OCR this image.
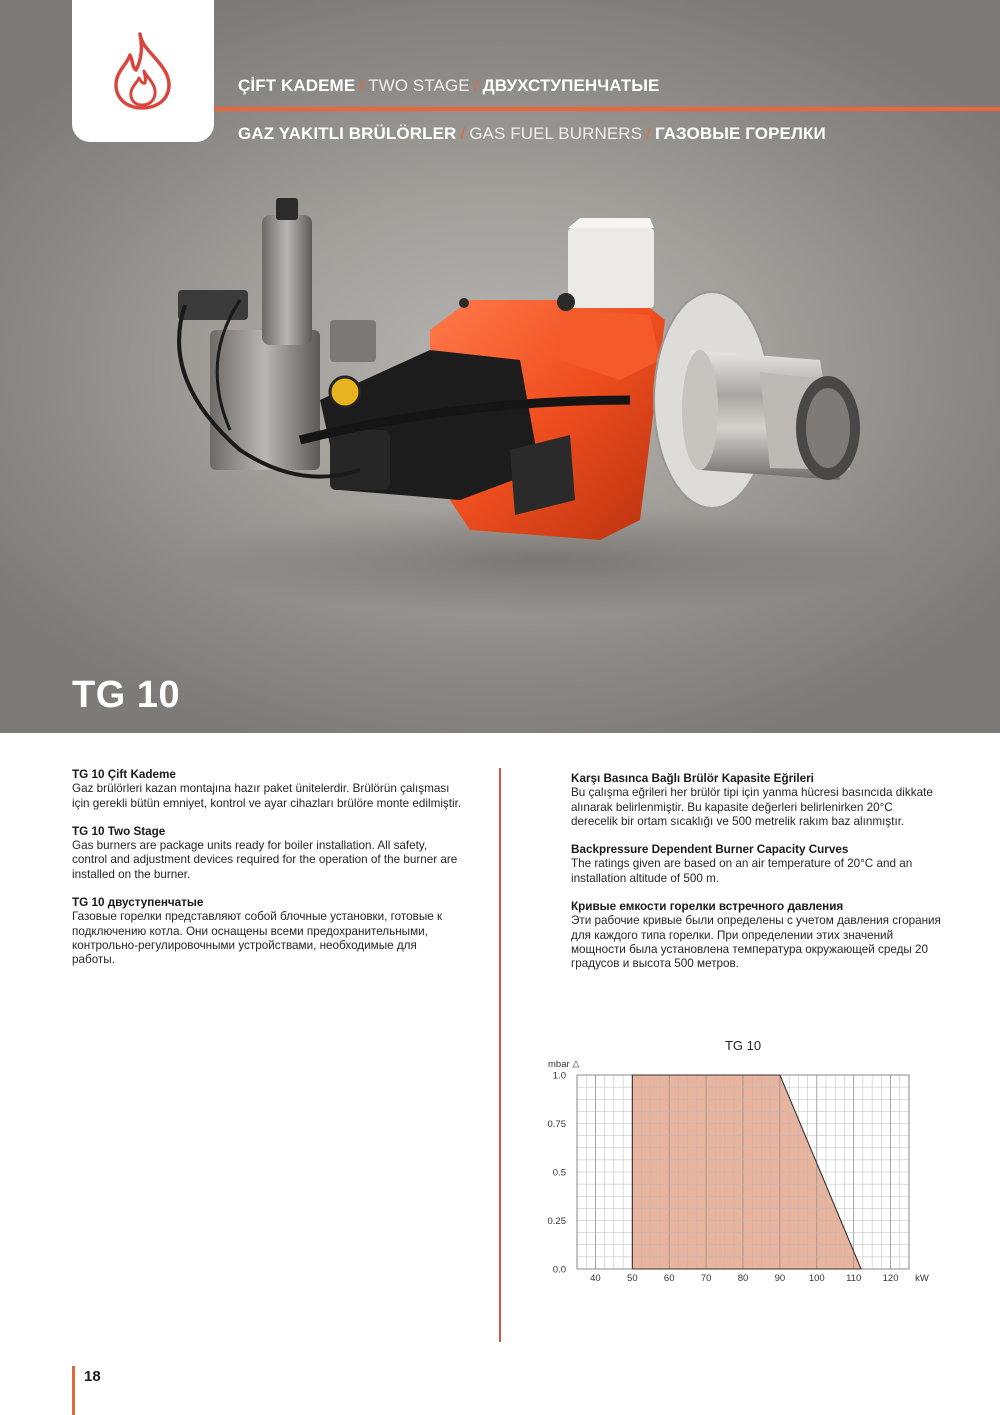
ÇİFT KADEME / TWO STAGE / ДВУХСТУПЕНЧАТЫЕ
GAZ YAKITLI BRÜLÖRLER / GAS FUEL BURNERS / ГАЗОВЫЕ ГОРЕЛКИ
TG 10
TG 10 Çift Kademe
Gaz brülörleri kazan montajına hazır paket ünitelerdir. Brülörün çalışması için gerekli bütün emniyet, kontrol ve ayar cihazları brülöre monte edilmiştir.
TG 10 Two Stage
Gas burners are package units ready for boiler installation. All safety, control and adjustment devices required for the operation of the burner are installed on the burner.
TG 10 двуступенчатые
Газовые горелки представляют собой блочные установки, готовые к подключению котла. Они оснащены всеми предохранительными, контрольно-регулировочными устройствами, необходимые для работы.
Karşı Basınca Bağlı Brülör Kapasite Eğrileri
Bu çalışma eğrileri her brülör tipi için yanma hücresi basıncıda dikkate alınarak belirlenmiştir. Bu kapasite değerleri belirlenirken 20°C derecelik bir ortam sıcaklığı ve 500 metrelik rakım baz alınmıştır.
Backpressure Dependent Burner Capacity Curves
The ratings given are based on an air temperature of 20°C and an installation altitude of 500 m.
Кривые емкости горелки встречного давления
Эти рабочие кривые были определены с учетом давления сгорания для каждого типа горелки. При определении этих значений мощности была установлена температура окружающей среды 20 градусов и высота 500 метров.
TG 10
mbar
0.0
0.25
0.5
0.75
1.0
40	50	60	70	80	90 100 110 120 kW
18
